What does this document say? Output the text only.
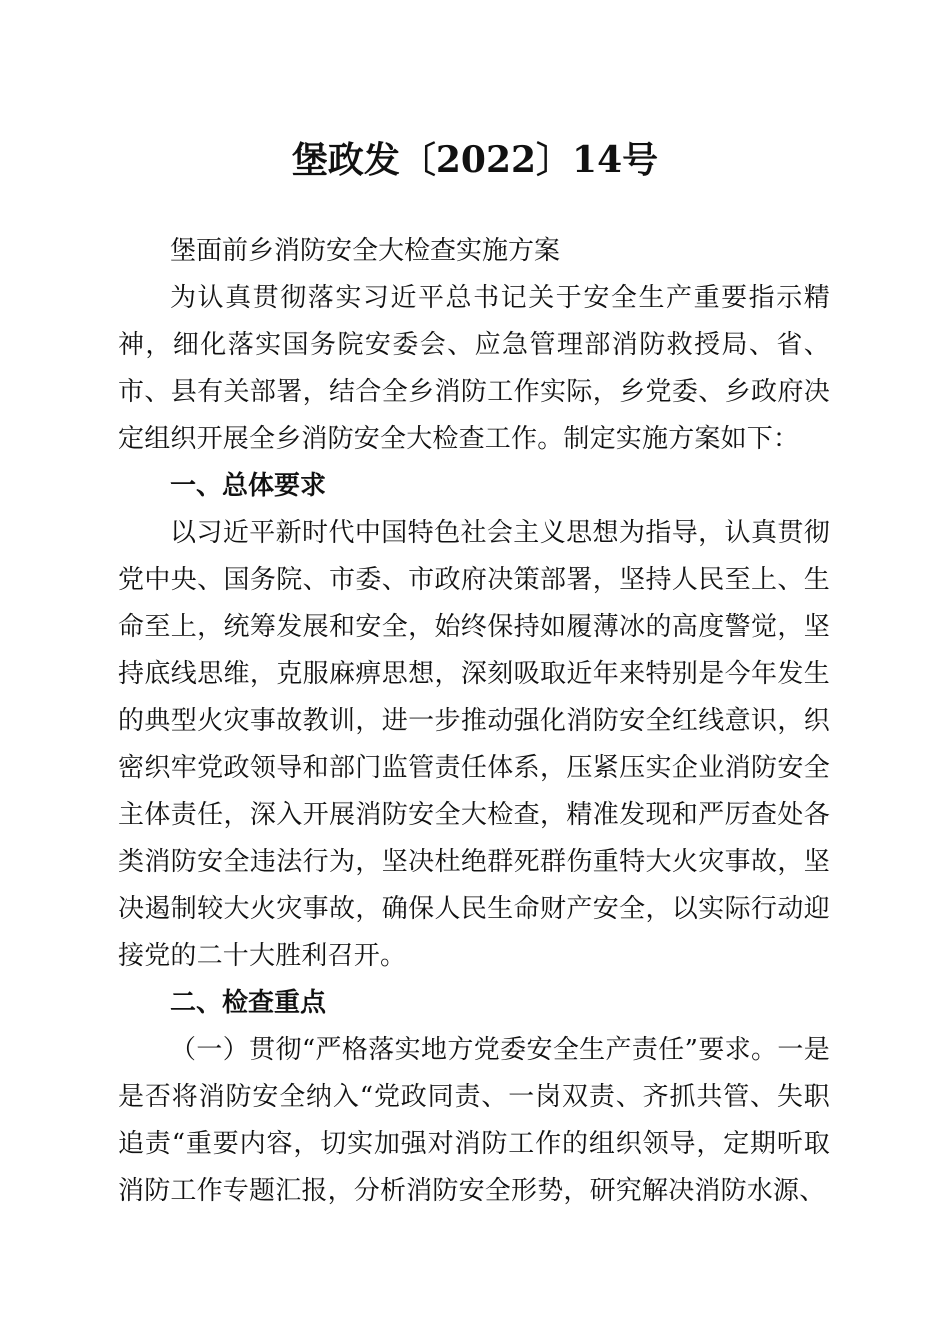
堡政发〔2022〕14号

堡面前乡消防安全大检查实施方案

为认真贯彻落实习近平总书记关于安全生产重要指示精神，细化落实国务院安委会、应急管理部消防救授局、省、市、县有关部署，结合全乡消防工作实际，乡党委、乡政府决定组织开展全乡消防安全大检查工作。制定实施方案如下：

一、总体要求

以习近平新时代中国特色社会主义思想为指导，认真贯彻党中央、国务院、市委、市政府决策部署，坚持人民至上、生命至上，统筹发展和安全，始终保持如履薄冰的高度警觉，坚持底线思维，克服麻痹思想，深刻吸取近年来特别是今年发生的典型火灾事故教训，进一步推动强化消防安全红线意识，织密织牢党政领导和部门监管责任体系，压紧压实企业消防安全主体责任，深入开展消防安全大检查，精准发现和严厉查处各类消防安全违法行为，坚决杜绝群死群伤重特大火灾事故，坚决遏制较大火灾事故，确保人民生命财产安全，以实际行动迎接党的二十大胜利召开。

二、检查重点

（一）贯彻“严格落实地方党委安全生产责任”要求。一是是否将消防安全纳入“党政同责、一岗双责、齐抓共管、失职追责“重要内容，切实加强对消防工作的组织领导，定期听取消防工作专题汇报，分析消防安全形势，研究解决消防水源、
